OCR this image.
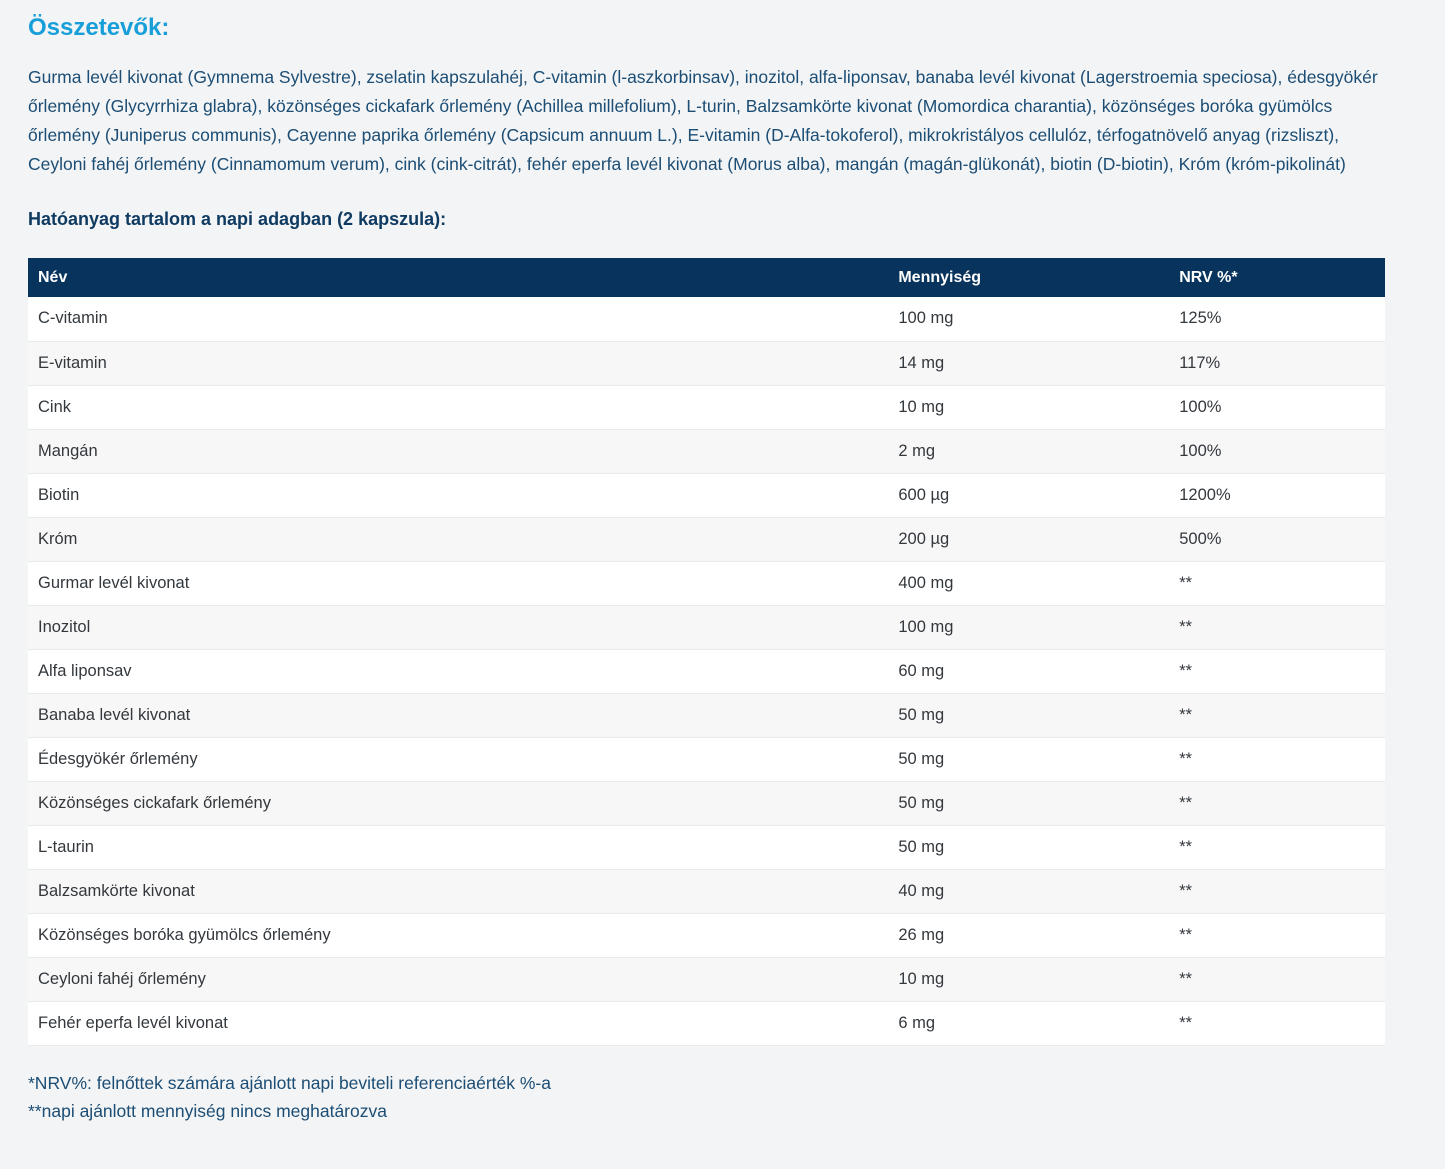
Összetevők:

Gurma levél kivonat (Gymnema Sylvestre), zselatin kapszulahéj, C-vitamin (l-aszkorbinsav), inozitol, alfa-liponsav, banaba levél kivonat (Lagerstroemia speciosa), édesgyökér őrlemény (Glycyrrhiza glabra), közönséges cickafark őrlemény (Achillea millefolium), L-turin, Balzsamkörte kivonat (Momordica charantia), közönséges boróka gyümölcs őrlemény (Juniperus communis), Cayenne paprika őrlemény (Capsicum annuum L.), E-vitamin (D-Alfa-tokoferol), mikrokristályos cellulóz, térfogatnövelő anyag (rizsliszt), Ceyloni fahéj őrlemény (Cinnamomum verum), cink (cink-citrát), fehér eperfa levél kivonat (Morus alba), mangán (magán-glükonát), biotin (D-biotin), Króm (króm-pikolinát)

Hatóanyag tartalom a napi adagban (2 kapszula):
Név	Mennyiség	NRV %*
C-vitamin	100 mg	125%
E-vitamin	14 mg	117%
Cink	10 mg	100%
Mangán	2 mg	100%
Biotin	600 µg	1200%
Króm	200 µg	500%
Gurmar levél kivonat	400 mg	**
Inozitol	100 mg	**
Alfa liponsav	60 mg	**
Banaba levél kivonat	50 mg	**
Édesgyökér őrlemény	50 mg	**
Közönséges cickafark őrlemény	50 mg	**
L-taurin	50 mg	**
Balzsamkörte kivonat	40 mg	**
Közönséges boróka gyümölcs őrlemény	26 mg	**
Ceyloni fahéj őrlemény	10 mg	**
Fehér eperfa levél kivonat	6 mg	**

*NRV%: felnőttek számára ajánlott napi beviteli referenciaérték %-a

**napi ajánlott mennyiség nincs meghatározva
